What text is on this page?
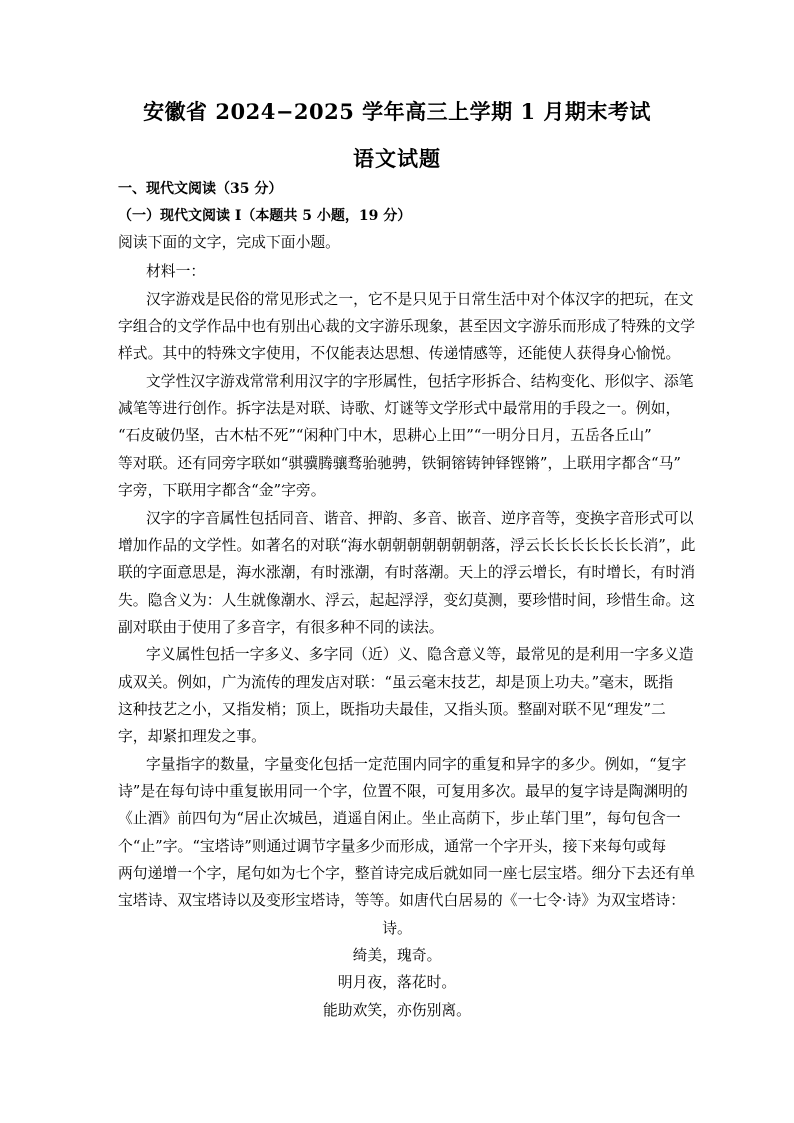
安徽省 2024−2025 学年高三上学期 1 月期末考试
语文试题
一、现代文阅读（35 分）
（一）现代文阅读 I（本题共 5 小题，19 分）
阅读下面的文字，完成下面小题。
材料一：
汉字游戏是民俗的常见形式之一，它不是只见于日常生活中对个体汉字的把玩，在文
字组合的文学作品中也有别出心裁的文字游乐现象，甚至因文字游乐而形成了特殊的文学
样式。其中的特殊文字使用，不仅能表达思想、传递情感等，还能使人获得身心愉悦。
文学性汉字游戏常常利用汉字的字形属性，包括字形拆合、结构变化、形似字、添笔
减笔等进行创作。拆字法是对联、诗歌、灯谜等文学形式中最常用的手段之一。例如，
“石皮破仍坚，古木枯不死”“闲种门中木，思耕心上田”“一明分日月，五岳各丘山”
等对联。还有同旁字联如“骐骥腾骧骛骀驰骋，铁铜镕铸钟铎铿锵”，上联用字都含“马”
字旁，下联用字都含“金”字旁。
汉字的字音属性包括同音、谐音、押韵、多音、嵌音、逆序音等，变换字音形式可以
增加作品的文学性。如著名的对联“海水朝朝朝朝朝朝朝落，浮云长长长长长长长消”，此
联的字面意思是，海水涨潮，有时涨潮，有时落潮。天上的浮云增长，有时增长，有时消
失。隐含义为：人生就像潮水、浮云，起起浮浮，变幻莫测，要珍惜时间，珍惜生命。这
副对联由于使用了多音字，有很多种不同的读法。
字义属性包括一字多义、多字同（近）义、隐含意义等，最常见的是利用一字多义造
成双关。例如，广为流传的理发店对联：“虽云毫末技艺，却是顶上功夫。”毫末，既指
这种技艺之小，又指发梢；顶上，既指功夫最佳，又指头顶。整副对联不见“理发”二
字，却紧扣理发之事。
字量指字的数量，字量变化包括一定范围内同字的重复和异字的多少。例如，“复字
诗”是在每句诗中重复嵌用同一个字，位置不限，可复用多次。最早的复字诗是陶渊明的
《止酒》前四句为“居止次城邑，逍遥自闲止。坐止高荫下，步止荜门里”，每句包含一
个“止”字。“宝塔诗”则通过调节字量多少而形成，通常一个字开头，接下来每句或每
两句递增一个字，尾句如为七个字，整首诗完成后就如同一座七层宝塔。细分下去还有单
宝塔诗、双宝塔诗以及变形宝塔诗，等等。如唐代白居易的《一七令·诗》为双宝塔诗：
诗。
绮美，瑰奇。
明月夜，落花时。
能助欢笑，亦伤别离。
